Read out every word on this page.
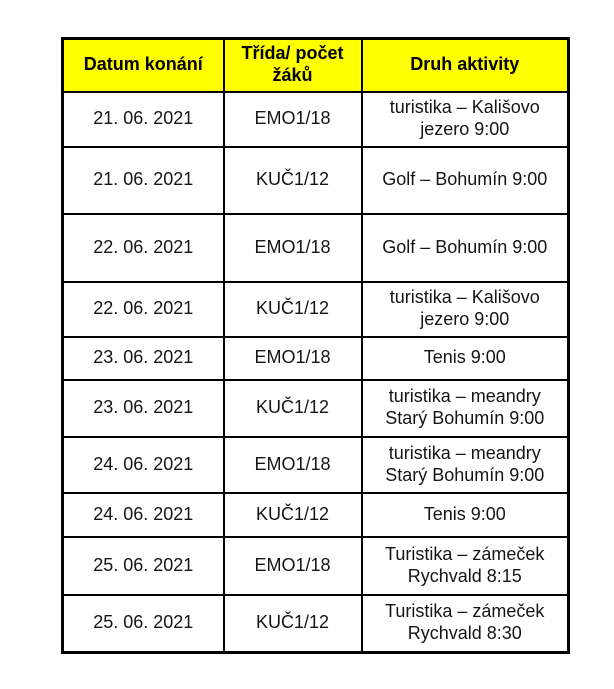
Datum konání	Třída/ počet žáků	Druh aktivity
21. 06. 2021	EMO1/18	turistika – Kališovo jezero 9:00
21. 06. 2021	KUČ1/12	Golf – Bohumín 9:00
22. 06. 2021	EMO1/18	Golf – Bohumín 9:00
22. 06. 2021	KUČ1/12	turistika – Kališovo jezero 9:00
23. 06. 2021	EMO1/18	Tenis 9:00
23. 06. 2021	KUČ1/12	turistika – meandry Starý Bohumín 9:00
24. 06. 2021	EMO1/18	turistika – meandry Starý Bohumín 9:00
24. 06. 2021	KUČ1/12	Tenis 9:00
25. 06. 2021	EMO1/18	Turistika – zámeček Rychvald 8:15
25. 06. 2021	KUČ1/12	Turistika – zámeček Rychvald 8:30
